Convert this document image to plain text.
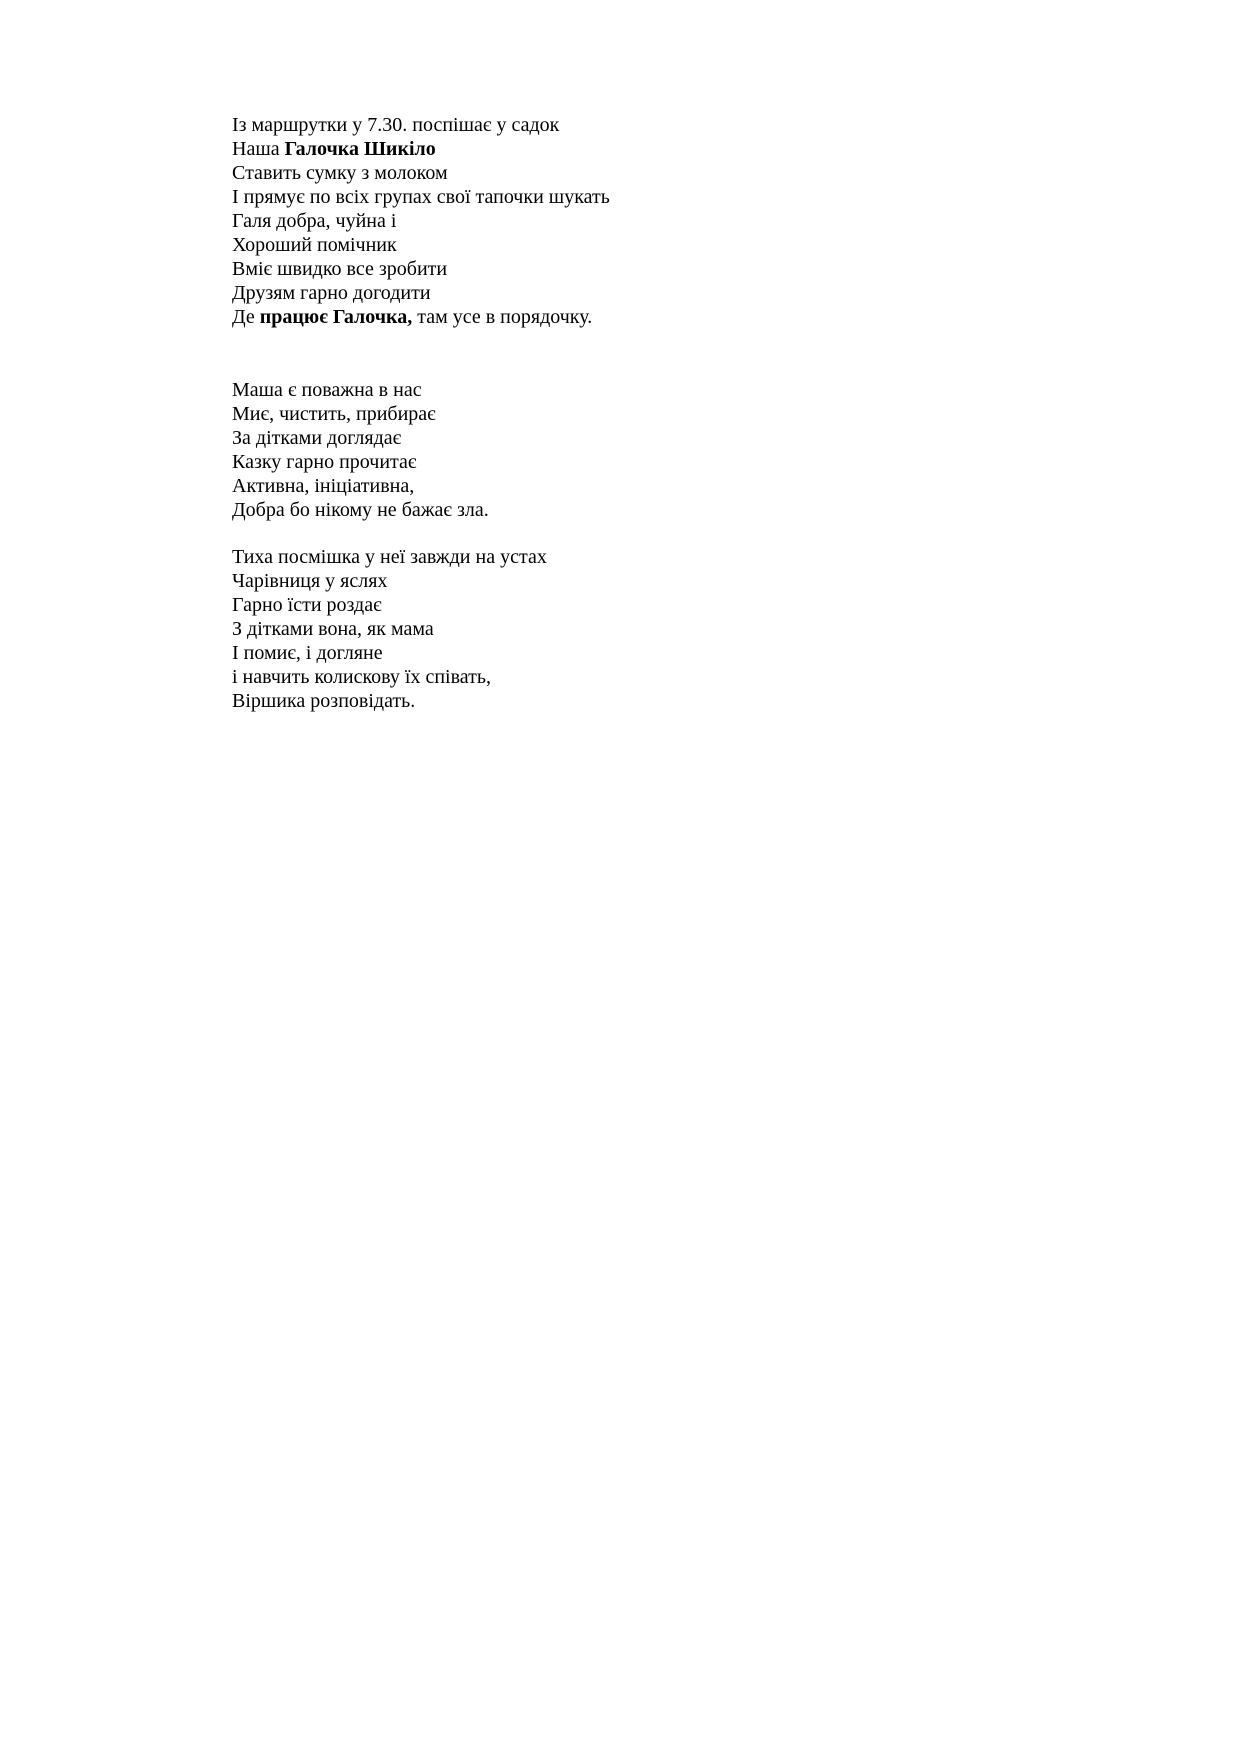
Із маршрутки у 7.30. поспішає у садок
Наша Галочка Шикіло
Ставить сумку з молоком
І прямує по всіх групах свої тапочки шукать
Галя добра, чуйна і
Хороший помічник
Вміє швидко все зробити
Друзям гарно догодити
Де працює Галочка, там усе в порядочку.
Маша є поважна в нас
Миє, чистить, прибирає
За дітками доглядає
Казку гарно прочитає
Активна, ініціативна,
Добра бо нікому не бажає зла.
Тиха посмішка у неї завжди на устах
Чарівниця у яслях
Гарно їсти роздає
З дітками вона, як мама
І помиє, і догляне
і навчить колискову їх співать,
Віршика розповідать.
